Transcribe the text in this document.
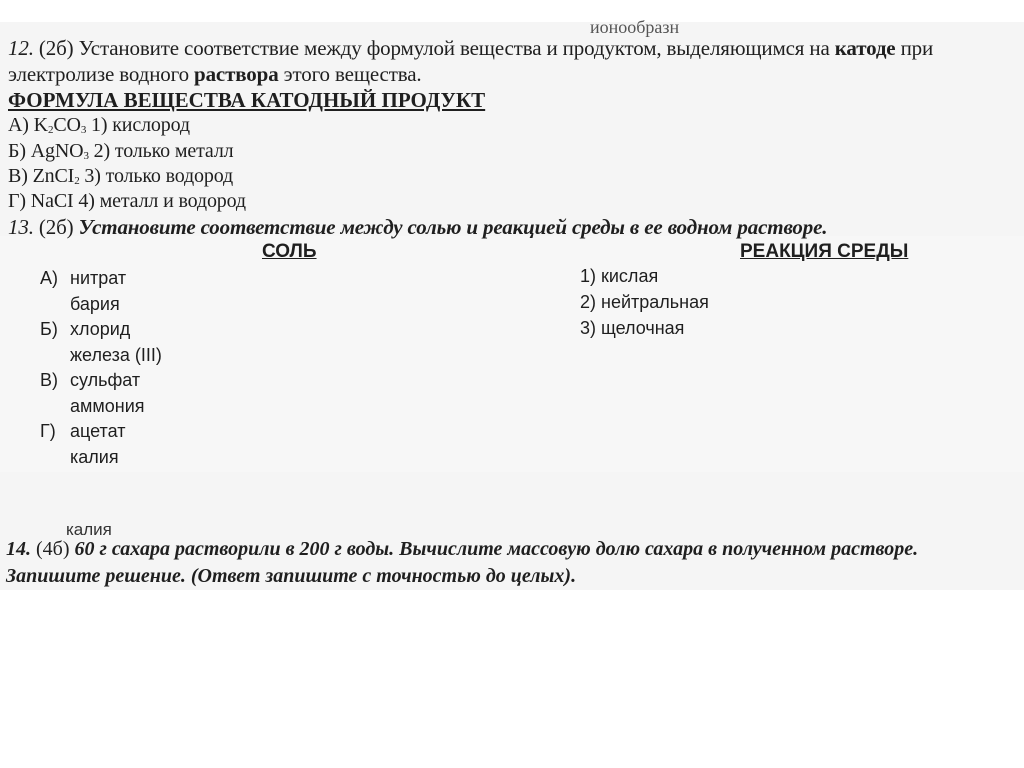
12. (2б) Установите соответствие между формулой вещества и продуктом, выделяющимся на катоде при
электролизе водного раствора этого вещества.
ФОРМУЛА ВЕЩЕСТВА КАТОДНЫЙ ПРОДУКТ
А) $K_2CO_3$ 1) кислород
Б) AgNO$_3$ 2) только металл
В) ZnCI$_2$ 3) только водород
Г) NaCI 4) металл и водород
13. (2б) Установите соответствие между солью и реакцией среды в ее водном растворе.
СОЛЬ	РЕАКЦИЯ СРЕДЫ
А) нитрат
бария
Б) хлорид
железа (III)
В) сульфат
аммония
Г) ацетат
калия
1) кислая
2) нейтральная
3) щелочная
14. (4б) 60 г сахара растворили в 200 г воды. Вычислите массовую долю сахара в полученном растворе.
Запишите решение. (Ответ запишите с точностью до целых).
